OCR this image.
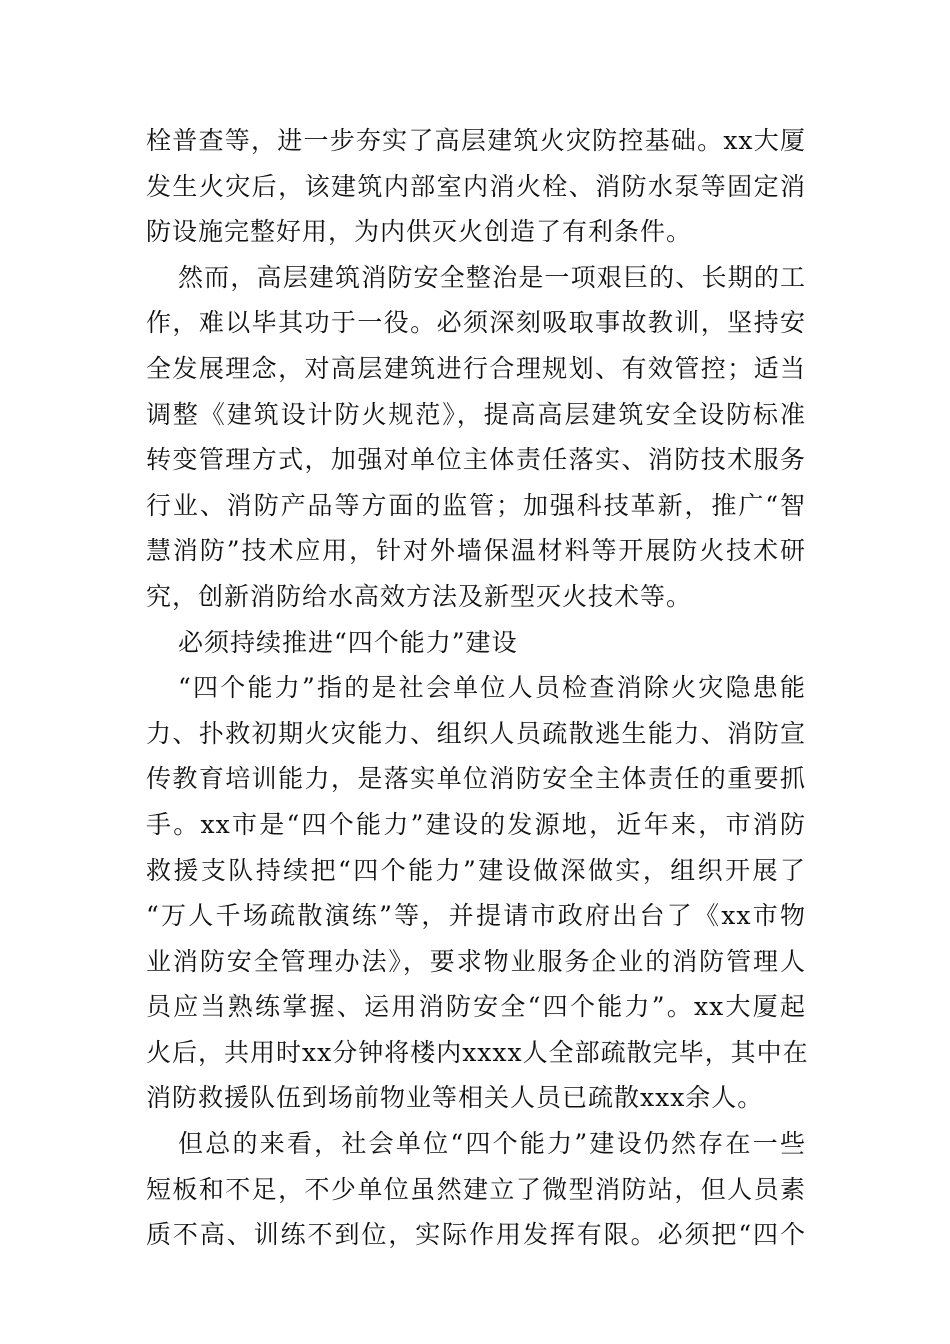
栓普查等，进一步夯实了高层建筑火灾防控基础。xx大厦
发生火灾后，该建筑内部室内消火栓、消防水泵等固定消
防设施完整好用，为内供灭火创造了有利条件。
然而，高层建筑消防安全整治是一项艰巨的、长期的工
作，难以毕其功于一役。必须深刻吸取事故教训，坚持安
全发展理念，对高层建筑进行合理规划、有效管控；适当
调整《建筑设计防火规范》，提高高层建筑安全设防标准
转变管理方式，加强对单位主体责任落实、消防技术服务
行业、消防产品等方面的监管；加强科技革新，推广“智
慧消防”技术应用，针对外墙保温材料等开展防火技术研
究，创新消防给水高效方法及新型灭火技术等。
必须持续推进“四个能力”建设
“四个能力”指的是社会单位人员检查消除火灾隐患能
力、扑救初期火灾能力、组织人员疏散逃生能力、消防宣
传教育培训能力，是落实单位消防安全主体责任的重要抓
手。xx市是“四个能力”建设的发源地，近年来，市消防
救援支队持续把“四个能力”建设做深做实，组织开展了
“万人千场疏散演练”等，并提请市政府出台了《xx市物
业消防安全管理办法》，要求物业服务企业的消防管理人
员应当熟练掌握、运用消防安全“四个能力”。xx大厦起
火后，共用时xx分钟将楼内xxxx人全部疏散完毕，其中在
消防救援队伍到场前物业等相关人员已疏散xxx余人。
但总的来看，社会单位“四个能力”建设仍然存在一些
短板和不足，不少单位虽然建立了微型消防站，但人员素
质不高、训练不到位，实际作用发挥有限。必须把“四个
